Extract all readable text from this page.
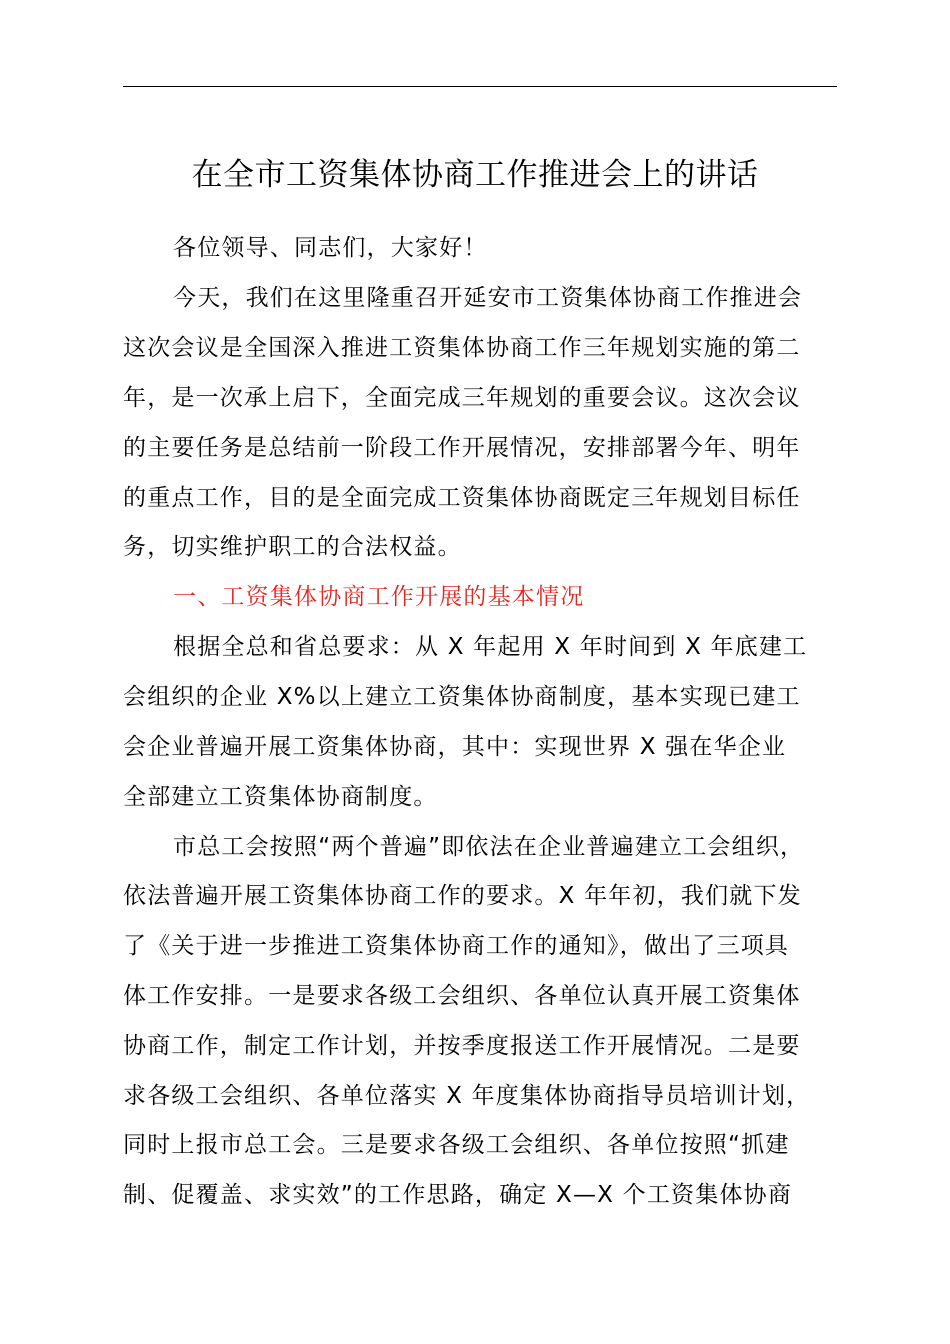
在全市工资集体协商工作推进会上的讲话

各位领导、同志们，大家好！

今天，我们在这里隆重召开延安市工资集体协商工作推进会

这次会议是全国深入推进工资集体协商工作三年规划实施的第二

年，是一次承上启下，全面完成三年规划的重要会议。这次会议

的主要任务是总结前一阶段工作开展情况，安排部署今年、明年

的重点工作，目的是全面完成工资集体协商既定三年规划目标任

务，切实维护职工的合法权益。

一、工资集体协商工作开展的基本情况

根据全总和省总要求：从 X 年起用 X 年时间到 X 年底建工

会组织的企业 X%以上建立工资集体协商制度，基本实现已建工

会企业普遍开展工资集体协商，其中：实现世界 X 强在华企业

全部建立工资集体协商制度。

市总工会按照“两个普遍”即依法在企业普遍建立工会组织，

依法普遍开展工资集体协商工作的要求。X 年年初，我们就下发

了《关于进一步推进工资集体协商工作的通知》，做出了三项具

体工作安排。一是要求各级工会组织、各单位认真开展工资集体

协商工作，制定工作计划，并按季度报送工作开展情况。二是要

求各级工会组织、各单位落实 X 年度集体协商指导员培训计划，

同时上报市总工会。三是要求各级工会组织、各单位按照“抓建

制、促覆盖、求实效”的工作思路，确定 X—X 个工资集体协商
